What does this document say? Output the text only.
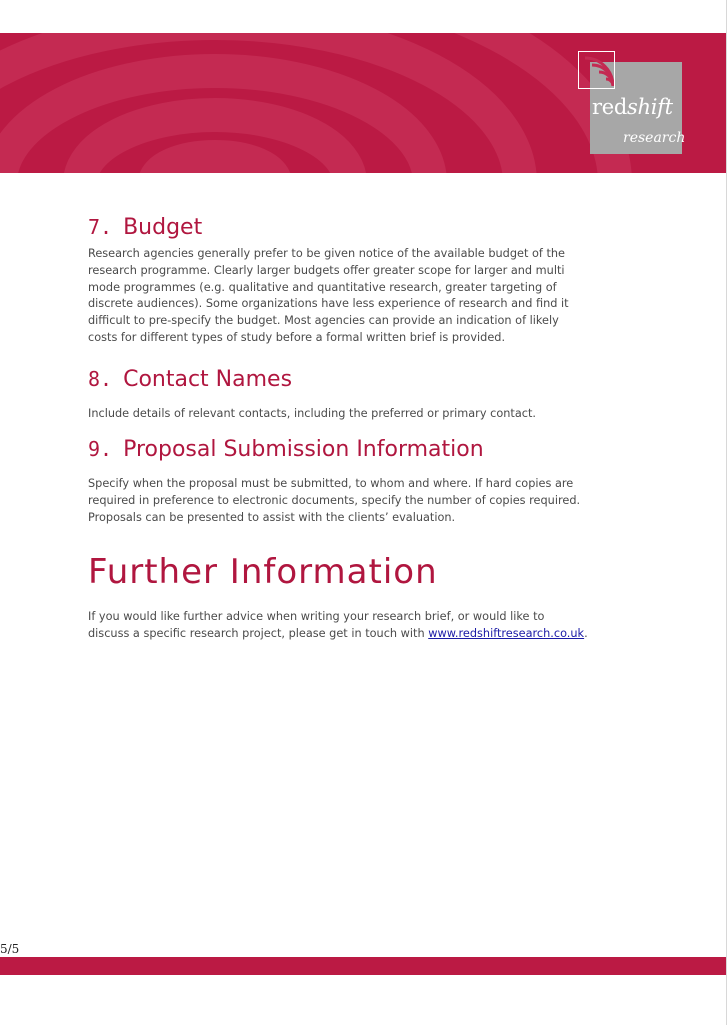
redshift
research
7. Budget

Research agencies generally prefer to be given notice of the available budget of the research programme. Clearly larger budgets offer greater scope for larger and multi mode programmes (e.g. qualitative and quantitative research, greater targeting of discrete audiences). Some organizations have less experience of research and find it difficult to pre-specify the budget. Most agencies can provide an indication of likely costs for different types of study before a formal written brief is provided.

8. Contact Names

Include details of relevant contacts, including the preferred or primary contact.

9. Proposal Submission Information

Specify when the proposal must be submitted, to whom and where. If hard copies are required in preference to electronic documents, specify the number of copies required. Proposals can be presented to assist with the clients’ evaluation.

Further Information

If you would like further advice when writing your research brief, or would like to discuss a specific research project, please get in touch with www.redshiftresearch.co.uk.

5/5
